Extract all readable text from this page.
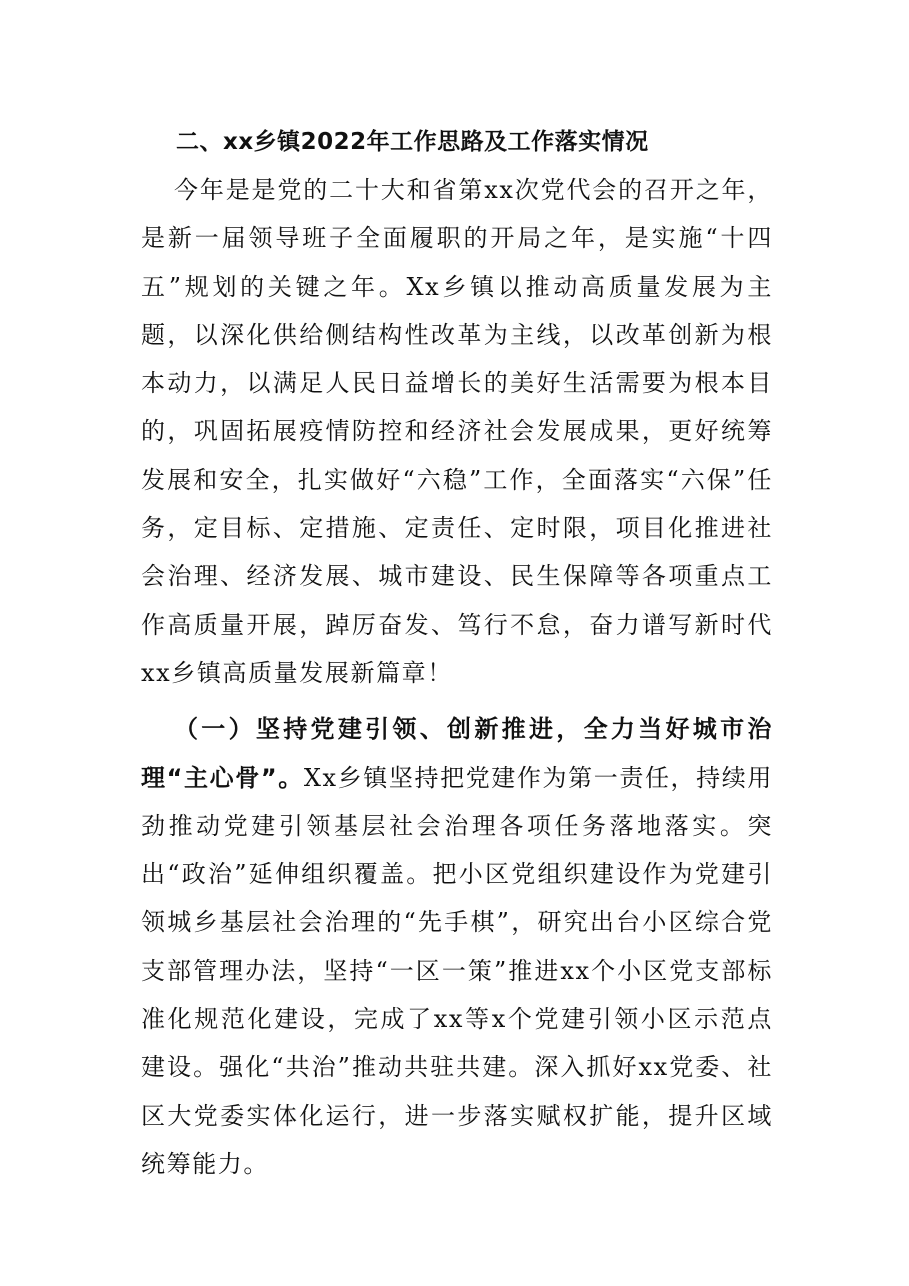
二、xx乡镇2022年工作思路及工作落实情况

今年是是党的二十大和省第xx次党代会的召开之年，是新一届领导班子全面履职的开局之年，是实施“十四五”规划的关键之年。Xx乡镇以推动高质量发展为主题，以深化供给侧结构性改革为主线，以改革创新为根本动力，以满足人民日益增长的美好生活需要为根本目的，巩固拓展疫情防控和经济社会发展成果，更好统筹发展和安全，扎实做好“六稳”工作，全面落实“六保”任务，定目标、定措施、定责任、定时限，项目化推进社会治理、经济发展、城市建设、民生保障等各项重点工作高质量开展，踔厉奋发、笃行不怠，奋力谱写新时代xx乡镇高质量发展新篇章！

（一）坚持党建引领、创新推进，全力当好城市治理“主心骨”。Xx乡镇坚持把党建作为第一责任，持续用劲推动党建引领基层社会治理各项任务落地落实。突出“政治”延伸组织覆盖。把小区党组织建设作为党建引领城乡基层社会治理的“先手棋”，研究出台小区综合党支部管理办法，坚持“一区一策”推进xx个小区党支部标准化规范化建设，完成了xx等x个党建引领小区示范点建设。强化“共治”推动共驻共建。深入抓好xx党委、社区大党委实体化运行，进一步落实赋权扩能，提升区域统筹能力。
